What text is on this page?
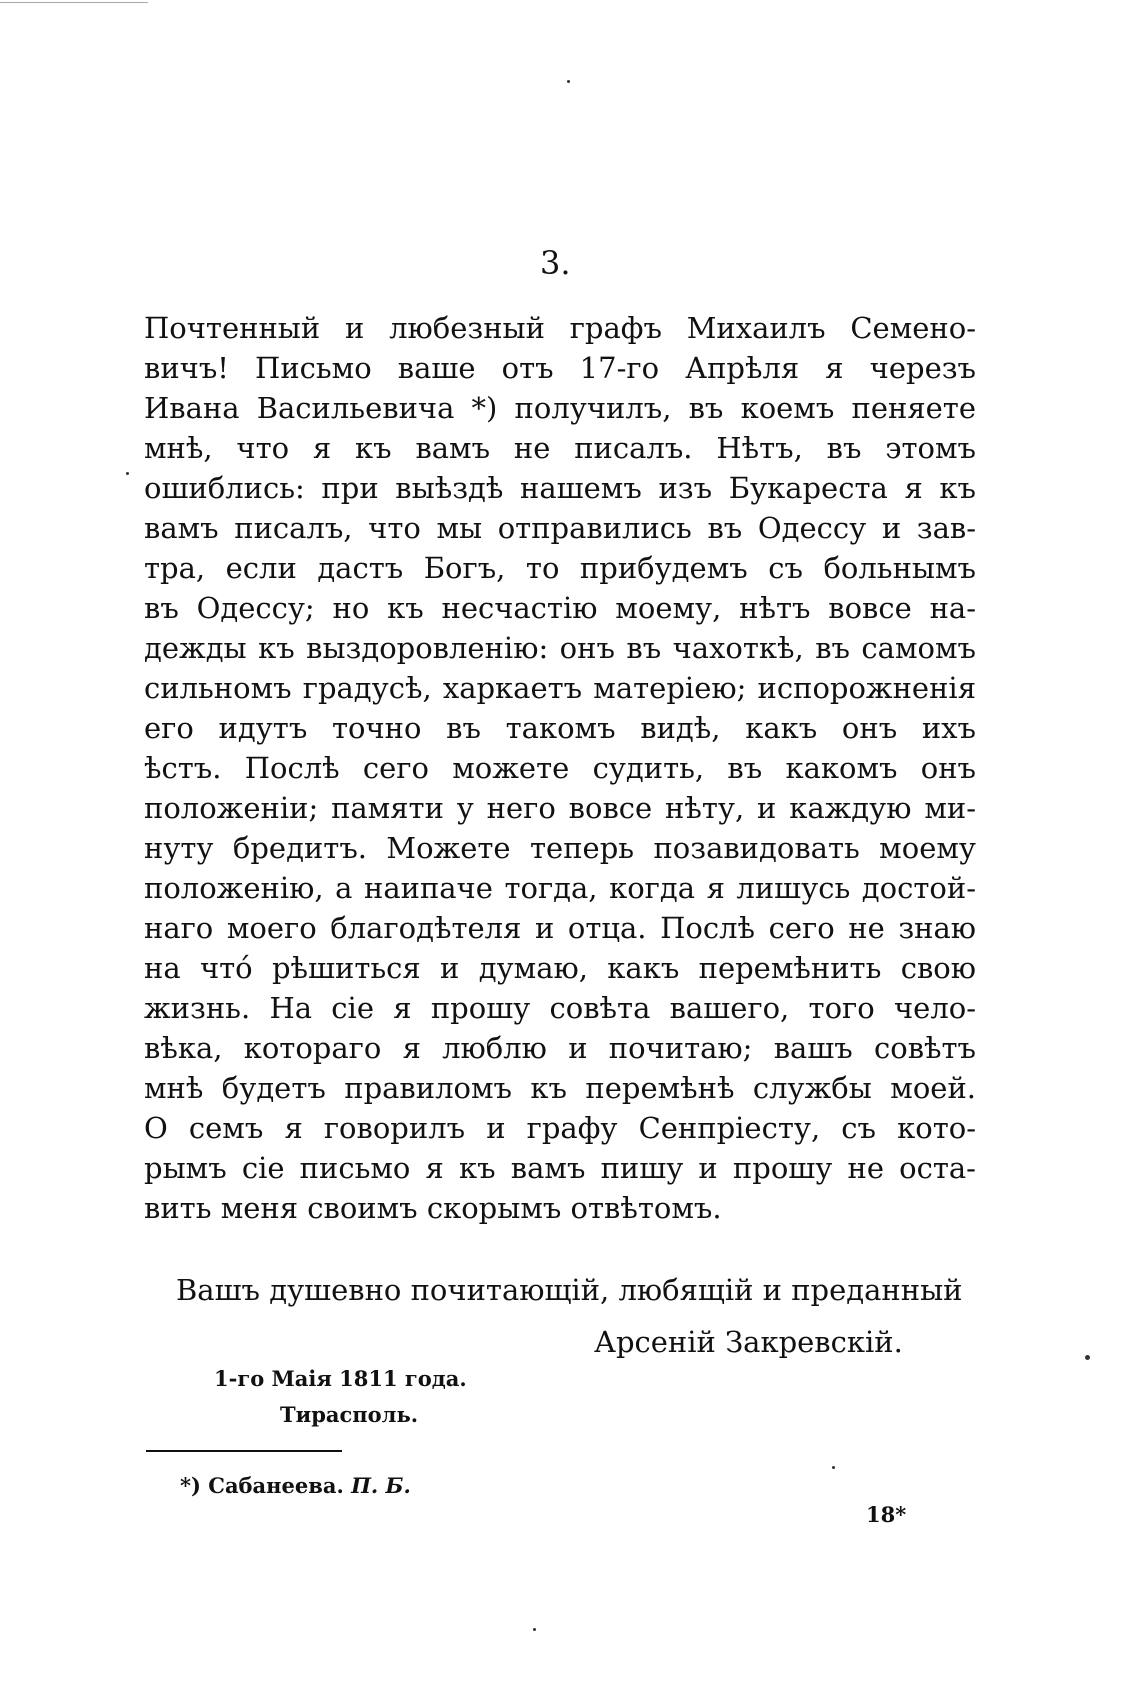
3.
Почтенный и любезный графъ Михаилъ Семено-
вичъ! Письмо ваше отъ 17-го Апрѣля я черезъ
Ивана Васильевича *) получилъ, въ коемъ пеняете
мнѣ, что я къ вамъ не писалъ. Нѣтъ, въ этомъ
ошиблись: при выѣздѣ нашемъ изъ Букареста я къ
вамъ писалъ, что мы отправились въ Одессу и зав-
тра, если дастъ Богъ, то прибудемъ съ больнымъ
въ Одессу; но къ несчастію моему, нѣтъ вовсе на-
дежды къ выздоровленію: онъ въ чахоткѣ, въ самомъ
сильномъ градусѣ, харкаетъ матеріею; испорожненія
его идутъ точно въ такомъ видѣ, какъ онъ ихъ
ѣстъ. Послѣ сего можете судить, въ какомъ онъ
положеніи; памяти у него вовсе нѣту, и каждую ми-
нуту бредитъ. Можете теперь позавидовать моему
положенію, а наипаче тогда, когда я лишусь достой-
наго моего благодѣтеля и отца. Послѣ сего не знаю
на чтó рѣшиться и думаю, какъ перемѣнить свою
жизнь. На сіе я прошу совѣта вашего, того чело-
вѣка, котораго я люблю и почитаю; вашъ совѣтъ
мнѣ будетъ правиломъ къ перемѣнѣ службы моей.
О семъ я говорилъ и графу Сенпріесту, съ кото-
рымъ сіе письмо я къ вамъ пишу и прошу не оста-
вить меня своимъ скорымъ отвѣтомъ.
Вашъ душевно почитающій, любящій и преданный
Арсеній Закревскій.
1-го Маія 1811 года.
Тирасполь.
*) Сабанеева. П. Б.
18*
